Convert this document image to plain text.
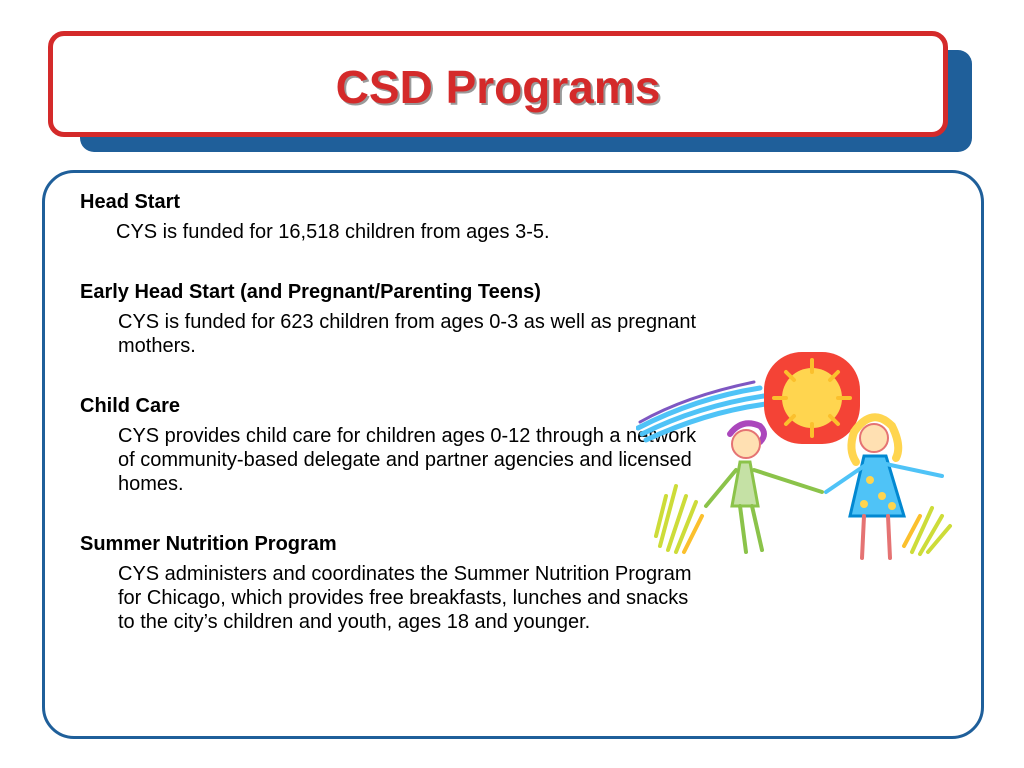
CSD Programs
Head Start
CYS is funded for 16,518 children from ages 3-5.
Early Head Start (and Pregnant/Parenting Teens)
CYS is funded for 623 children from ages 0-3 as well as pregnant mothers.
Child Care
CYS provides child care for children ages 0-12 through a network of community-based delegate and partner agencies and licensed homes.
Summer Nutrition Program
CYS administers and coordinates the Summer Nutrition Program for Chicago, which provides free breakfasts, lunches and snacks to the city’s children and youth, ages 18 and younger.
